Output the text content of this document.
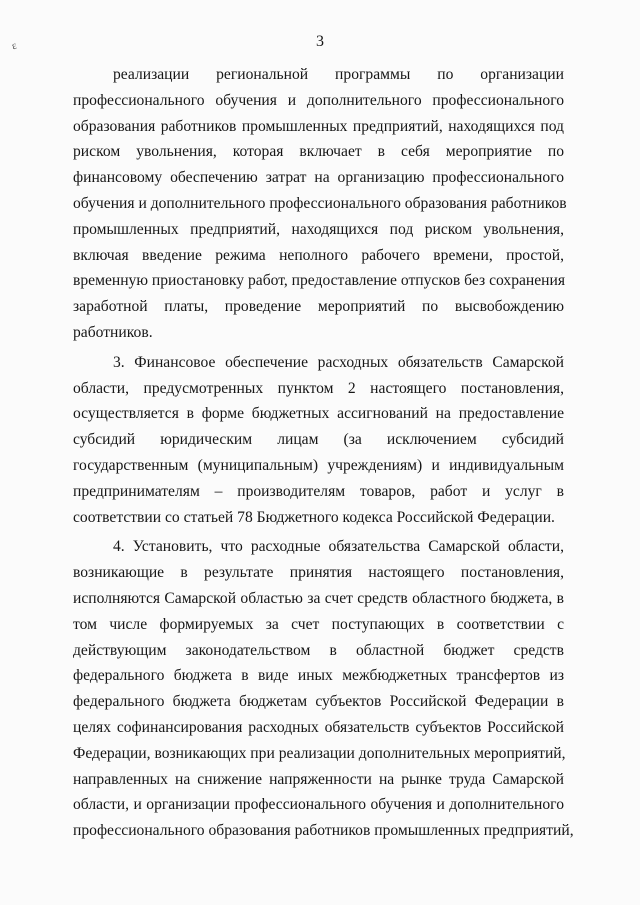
ε	3
реализации региональной программы по организации
профессионального обучения и дополнительного профессионального
образования работников промышленных предприятий, находящихся под
риском увольнения, которая включает в себя мероприятие по
финансовому обеспечению затрат на организацию профессионального
обучения и дополнительного профессионального образования работников
промышленных предприятий, находящихся под риском увольнения,
включая введение режима неполного рабочего времени, простой,
временную приостановку работ, предоставление отпусков без сохранения
заработной платы, проведение мероприятий по высвобождению
работников.
3. Финансовое обеспечение расходных обязательств Самарской
области, предусмотренных пунктом 2 настоящего постановления,
осуществляется в форме бюджетных ассигнований на предоставление
субсидий юридическим лицам (за исключением субсидий
государственным (муниципальным) учреждениям) и индивидуальным
предпринимателям – производителям товаров, работ и услуг в
соответствии со статьей 78 Бюджетного кодекса Российской Федерации.
4. Установить, что расходные обязательства Самарской области,
возникающие в результате принятия настоящего постановления,
исполняются Самарской областью за счет средств областного бюджета, в
том числе формируемых за счет поступающих в соответствии с
действующим законодательством в областной бюджет средств
федерального бюджета в виде иных межбюджетных трансфертов из
федерального бюджета бюджетам субъектов Российской Федерации в
целях софинансирования расходных обязательств субъектов Российской
Федерации, возникающих при реализации дополнительных мероприятий,
направленных на снижение напряженности на рынке труда Самарской
области, и организации профессионального обучения и дополнительного
профессионального образования работников промышленных предприятий,
